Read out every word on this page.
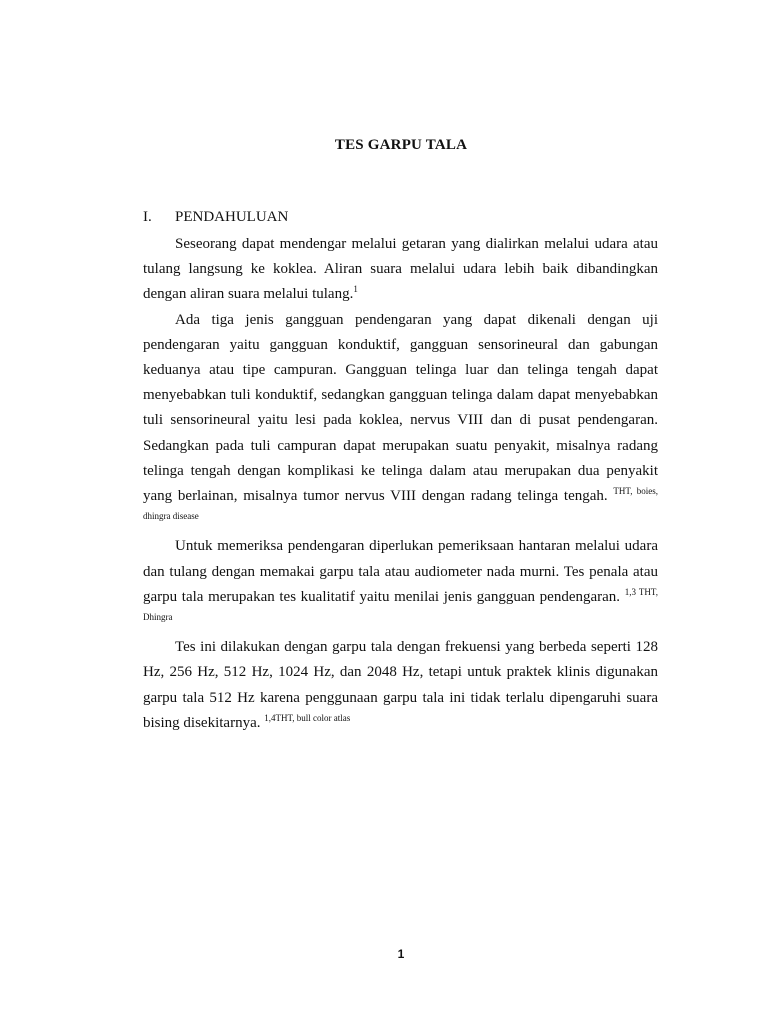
TES GARPU TALA
I. PENDAHULUAN

Seseorang dapat mendengar melalui getaran yang dialirkan melalui udara atau tulang langsung ke koklea. Aliran suara melalui udara lebih baik dibandingkan dengan aliran suara melalui tulang.$^1$

Ada tiga jenis gangguan pendengaran yang dapat dikenali dengan uji pendengaran yaitu gangguan konduktif, gangguan sensorineural dan gabungan keduanya atau tipe campuran. Gangguan telinga luar dan telinga tengah dapat menyebabkan tuli konduktif, sedangkan gangguan telinga dalam dapat menyebabkan tuli sensorineural yaitu lesi pada koklea, nervus VIII dan di pusat pendengaran. Sedangkan pada tuli campuran dapat merupakan suatu penyakit, misalnya radang telinga tengah dengan komplikasi ke telinga dalam atau merupakan dua penyakit yang berlainan, misalnya tumor nervus VIII dengan radang telinga tengah. $^{THT, boies, dhingra disease}$

Untuk memeriksa pendengaran diperlukan pemeriksaan hantaran melalui udara dan tulang dengan memakai garpu tala atau audiometer nada murni. Tes penala atau garpu tala merupakan tes kualitatif yaitu menilai jenis gangguan pendengaran. $^{1,3 THT, Dhingra}$

Tes ini dilakukan dengan garpu tala dengan frekuensi yang berbeda seperti 128 Hz, 256 Hz, 512 Hz, 1024 Hz, dan 2048 Hz, tetapi untuk praktek klinis digunakan garpu tala 512 Hz karena penggunaan garpu tala ini tidak terlalu dipengaruhi suara bising disekitarnya. $^{1,4THT, bull color atlas}$

1
